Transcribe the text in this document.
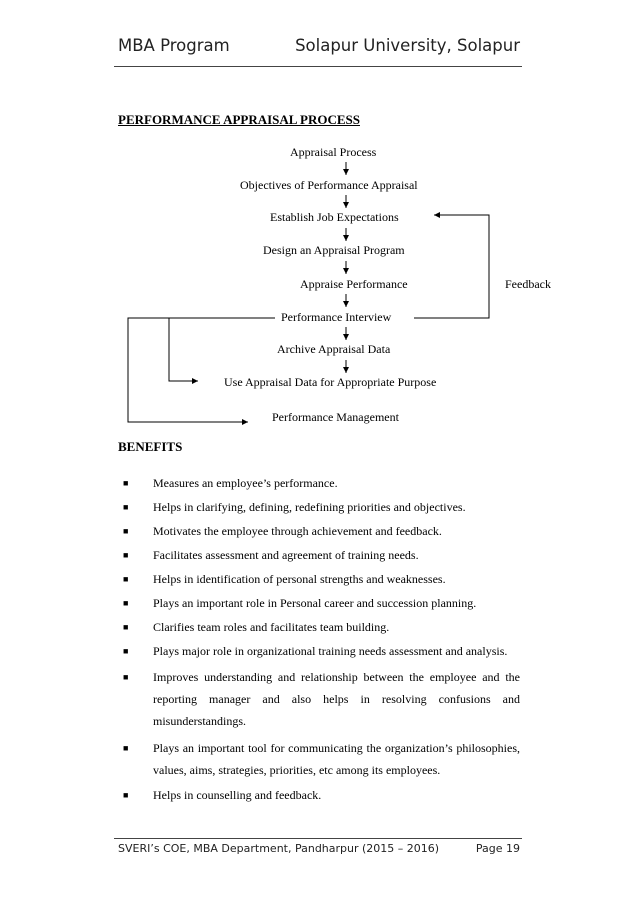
MBA Program	Solapur University, Solapur
PERFORMANCE APPRAISAL PROCESS
Appraisal Process
Objectives of Performance Appraisal
Establish Job Expectations
Design an Appraisal Program
Appraise Performance	Feedback
Performance Interview
Archive Appraisal Data
Use Appraisal Data for Appropriate Purpose
Performance Management
BENEFITS
■ Measures an employee’s performance.
■ Helps in clarifying, defining, redefining priorities and objectives.
■ Motivates the employee through achievement and feedback.
■ Facilitates assessment and agreement of training needs.
■ Helps in identification of personal strengths and weaknesses.
■ Plays an important role in Personal career and succession planning.
■ Clarifies team roles and facilitates team building.
■ Plays major role in organizational training needs assessment and analysis.
■ Improves understanding and relationship between the employee and the reporting manager and also helps in resolving confusions and misunderstandings.
■ Plays an important tool for communicating the organization’s philosophies, values, aims, strategies, priorities, etc among its employees.
■ Helps in counselling and feedback.
SVERI’s COE, MBA Department, Pandharpur (2015 – 2016)	Page 19
